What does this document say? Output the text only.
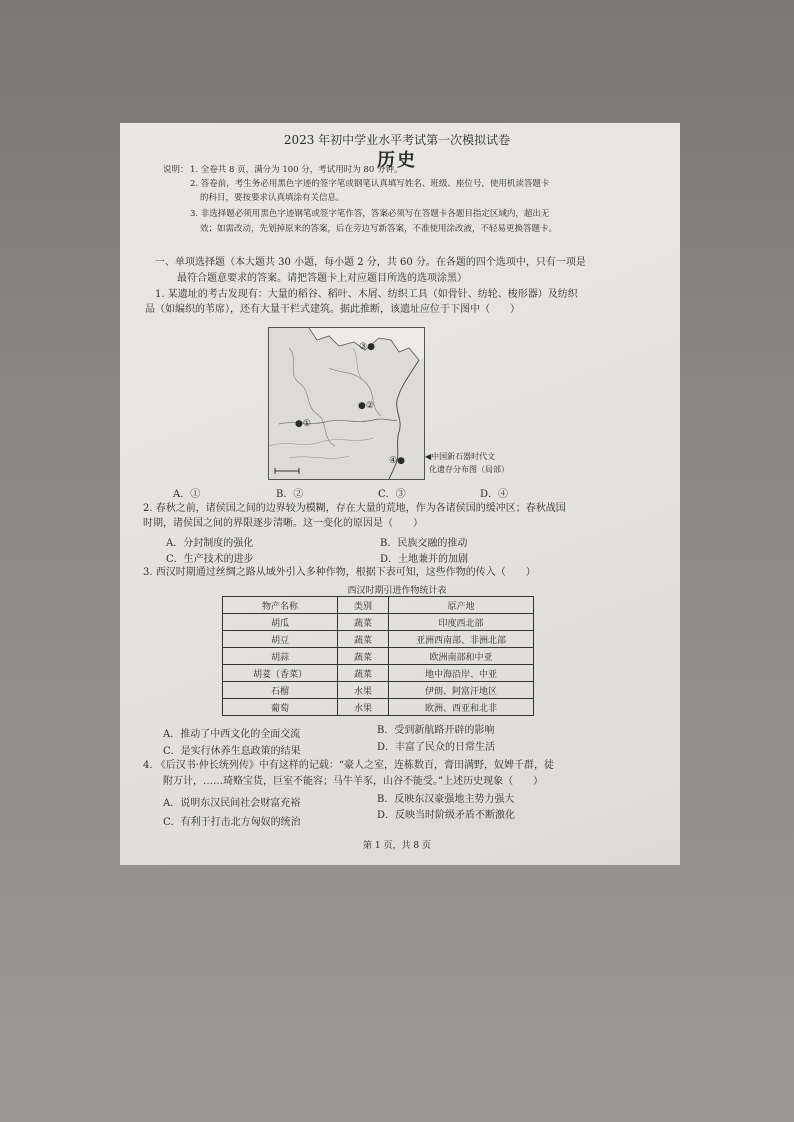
2023 年初中学业水平考试第一次模拟试卷
历史
说明： 1. 全卷共 8 页，满分为 100 分，考试用时为 80 分钟。
2. 答卷前，考生务必用黑色字迹的签字笔或钢笔认真填写姓名、班级、座位号，使用机读答题卡
的科目，要按要求认真填涂有关信息。
3. 非选择题必须用黑色字迹钢笔或签字笔作答，答案必须写在答题卡各题目指定区域内，超出无
效；如需改动，先划掉原来的答案，后在旁边写新答案，不准使用涂改液，不轻易更换答题卡。
一、单项选择题（本大题共 30 小题，每小题 2 分，共 60 分。在各题的四个选项中，只有一项是
最符合题意要求的答案。请把答题卡上对应题目所选的选项涂黑）
1. 某遗址的考古发现有：大量的稻谷、稻叶、木屑、纺织工具（如骨针、纺轮、梭形器）及纺织
品（如编织的苇席），还有大量干栏式建筑。据此推断，该遗址应位于下图中（　　）
③●
●②
●①
④●	◀中国新石器时代文
化遗存分布图（局部）
A．①	B．②	C．③	D．④
2. 春秋之前，诸侯国之间的边界较为模糊，存在大量的荒地，作为各诸侯国的缓冲区；春秋战国
时期，诸侯国之间的界限逐步清晰。这一变化的原因是（　　）
A．分封制度的强化	B．民族交融的推动
C．生产技术的进步	D．土地兼并的加剧
3. 西汉时期通过丝绸之路从域外引入多种作物，根据下表可知，这些作物的传入（　　）
西汉时期引进作物统计表
物产名称	类别	原产地
胡瓜	蔬菜	印度西北部
胡豆	蔬菜	亚洲西南部、非洲北部
胡蒜	蔬菜	欧洲南部和中亚
胡荽（香菜）	蔬菜	地中海沿岸、中亚
石榴	水果	伊朗、阿富汗地区
葡萄	水果	欧洲、西亚和北非
A．推动了中西文化的全面交流	B．受到新航路开辟的影响
C．是实行休养生息政策的结果	D．丰富了民众的日常生活
4. 《后汉书·仲长统列传》中有这样的记载：“豪人之室，连栋数百，膏田满野，奴婢千群，徒
附万计，……琦赂宝货，巨室不能容；马牛羊豕，山谷不能受。”上述历史现象（　　）
A．说明东汉民间社会财富充裕	B．反映东汉豪强地主势力强大
C．有利于打击北方匈奴的统治
D．反映当时阶级矛盾不断激化
第 1 页，共 8 页
